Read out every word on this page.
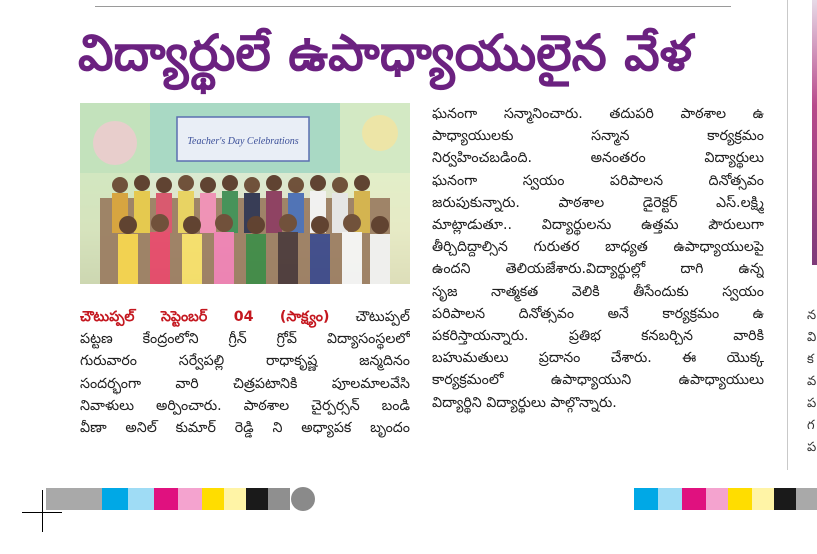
విద్యార్థులే ఉపాధ్యాయులైన వేళ
Teacher's Day Celebrations
చౌటుప్పల్ సెప్టెంబర్ 04 (సాక్ష్యం) చౌటుప్పల్
పట్టణ కేంద్రంలోని గ్రీన్ గ్రోవ్ విద్యాసంస్థలలో
గురువారం సర్వేపల్లి రాధాకృష్ణ జన్మదినం
సందర్భంగా వారి చిత్రపటానికి పూలమాలవేసి
నివాళులు అర్పించారు. పాఠశాల చైర్పర్సన్ బండి
వీణా అనిల్ కుమార్ రెడ్డి ని అధ్యాపక బృందం
ఘనంగా సన్మానించారు. తదుపరి పాఠశాల ఉ
పాధ్యాయులకు సన్మాన కార్యక్రమం
నిర్వహించబడింది. అనంతరం విద్యార్థులు
ఘనంగా స్వయం పరిపాలన దినోత్సవం
జరుపుకున్నారు. పాఠశాల డైరెక్టర్ ఎస్.లక్ష్మి
మాట్లాడుతూ.. విద్యార్థులను ఉత్తమ పౌరులుగా
తీర్చిదిద్దాల్సిన గురుతర బాధ్యత ఉపాధ్యాయులపై
ఉందని తెలియజేశారు.విద్యార్థుల్లో దాగి ఉన్న
సృజ నాత్మకత వెలికి తీసేందుకు స్వయం
పరిపాలన దినోత్సవం అనే కార్యక్రమం ఉ
పకరిస్తాయన్నారు. ప్రతిభ కనబర్చిన వారికి
బహుమతులు ప్రదానం చేశారు. ఈ యొక్క
కార్యక్రమంలో ఉపాధ్యాయుని ఉపాధ్యాయులు
విద్యార్థిని విద్యార్థులు పాల్గొన్నారు.
న
వి
క
వ
ప
గ
ప
